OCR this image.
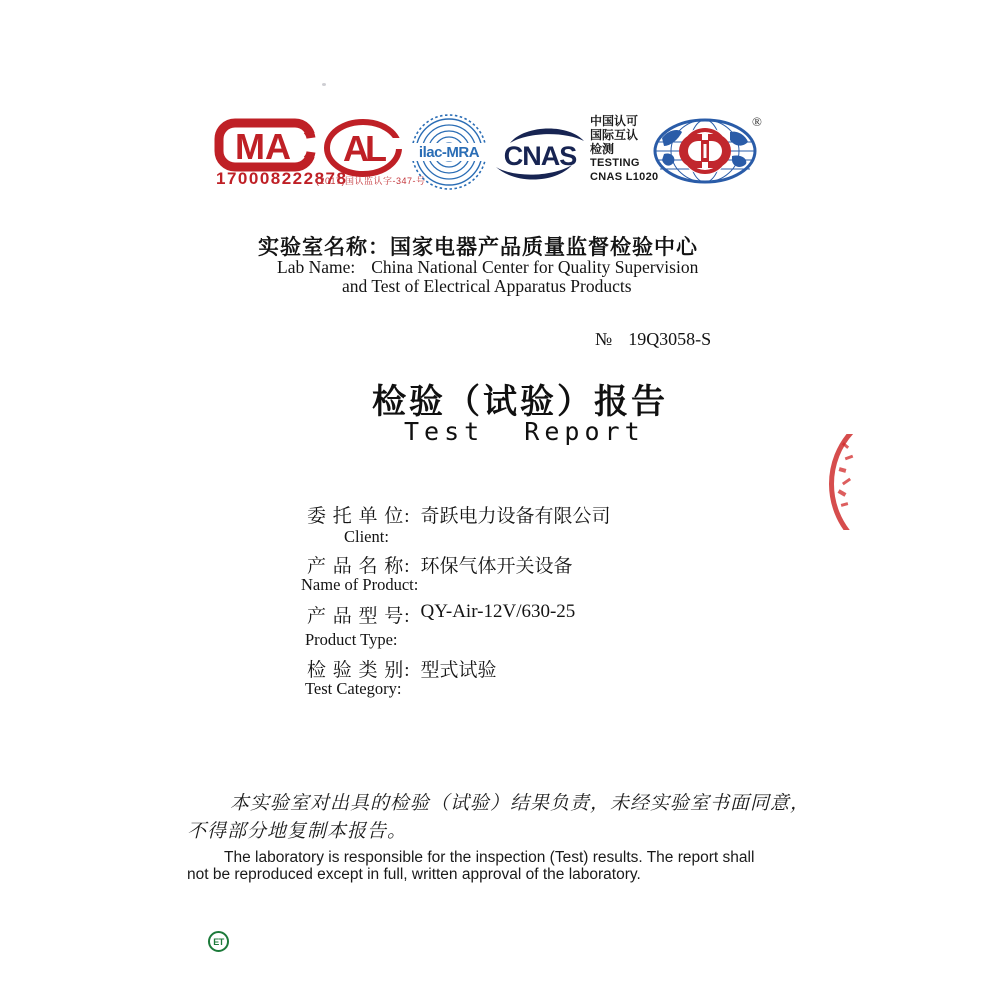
MA
170008222878
AL
(2017)国认监认字-347-号
ilac-MRA CNAS
中国认可
国际互认
检测
TESTING
CNAS L1020
®
实验室名称：国家电器产品质量监督检验中心
Lab Name: China National Center for Quality Supervision
and Test of Electrical Apparatus Products
№ 19Q3058-S
检验（试验）报告
Test  Report
委 托 单 位: 奇跃电力设备有限公司
Client:
产 品 名 称: 环保气体开关设备
Name of Product:
产 品 型 号: QY-Air-12V/630-25
Product Type:
检 验 类 别: 型式试验
Test Category:
本实验室对出具的检验（试验）结果负责，未经实验室书面同意，
不得部分地复制本报告。
The laboratory is responsible for the inspection (Test) results. The report shall
not be reproduced except in full, written approval of the laboratory.
ET
